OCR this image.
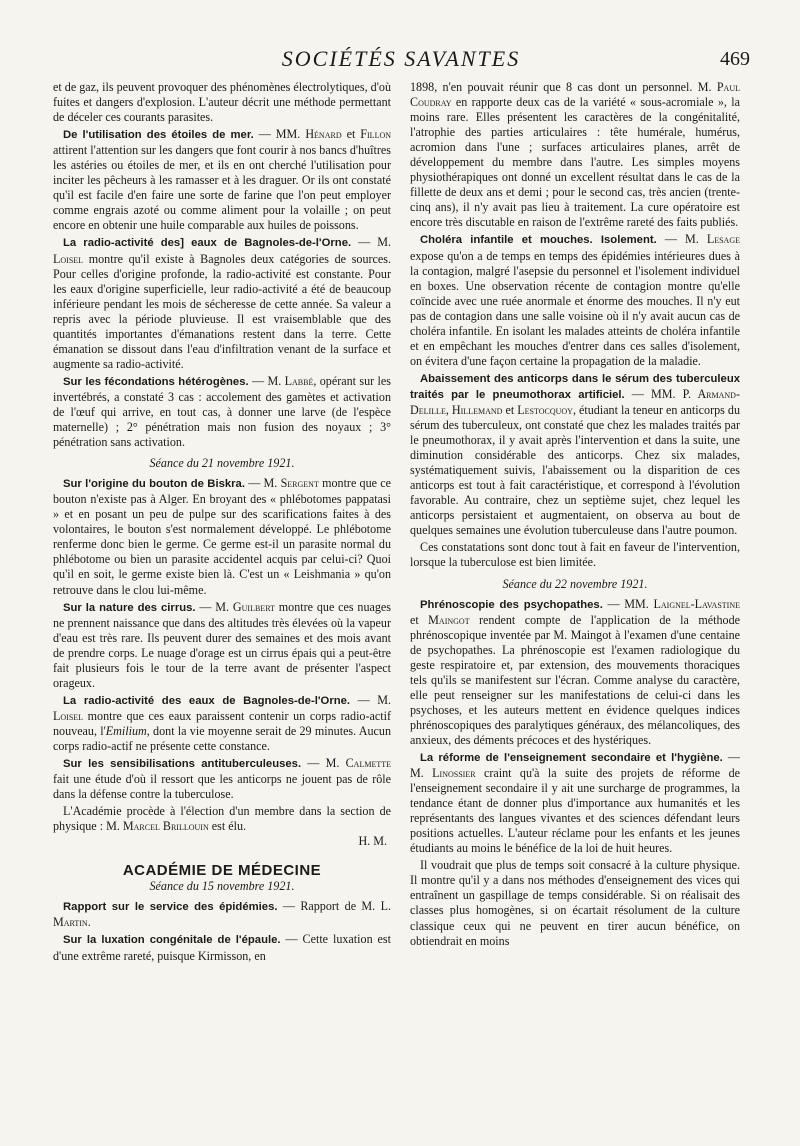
SOCIÉTÉS SAVANTES	469

et de gaz, ils peuvent provoquer des phénomènes électrolytiques, d'où fuites et dangers d'explosion. L'auteur décrit une méthode permettant de déceler ces courants parasites.

De l'utilisation des étoiles de mer. — MM. Hénard et Fillon attirent l'attention sur les dangers que font courir à nos bancs d'huîtres les astéries ou étoiles de mer, et ils en ont cherché l'utilisation pour inciter les pêcheurs à les ramasser et à les draguer. Or ils ont constaté qu'il est facile d'en faire une sorte de farine que l'on peut employer comme engrais azoté ou comme aliment pour la volaille ; on peut encore en obtenir une huile comparable aux huiles de poissons.

La radio-activité des] eaux de Bagnoles-de-l'Orne. — M. Loisel montre qu'il existe à Bagnoles deux catégories de sources. Pour celles d'origine profonde, la radio-activité est constante. Pour les eaux d'origine superficielle, leur radio-activité a été de beaucoup inférieure pendant les mois de sécheresse de cette année. Sa valeur a repris avec la période pluvieuse. Il est vraisemblable que des quantités importantes d'émanations restent dans la terre. Cette émanation se dissout dans l'eau d'infiltration venant de la surface et augmente sa radio-activité.

Sur les fécondations hétérogènes. — M. Labbé, opérant sur les invertébrés, a constaté 3 cas : accolement des gamètes et activation de l'œuf qui arrive, en tout cas, à donner une larve (de l'espèce maternelle) ; 2° pénétration mais non fusion des noyaux ; 3° pénétration sans activation.

Séance du 21 novembre 1921.

Sur l'origine du bouton de Biskra. — M. Sergent montre que ce bouton n'existe pas à Alger. En broyant des « phlébotomes pappatasi » et en posant un peu de pulpe sur des scarifications faites à des volontaires, le bouton s'est normalement développé. Le phlébotome renferme donc bien le germe. Ce germe est-il un parasite normal du phlébotome ou bien un parasite accidentel acquis par celui-ci? Quoi qu'il en soit, le germe existe bien là. C'est un « Leishmania » qu'on retrouve dans le clou lui-même.

Sur la nature des cirrus. — M. Guilbert montre que ces nuages ne prennent naissance que dans des altitudes très élevées où la vapeur d'eau est très rare. Ils peuvent durer des semaines et des mois avant de prendre corps. Le nuage d'orage est un cirrus épais qui a peut-être fait plusieurs fois le tour de la terre avant de présenter l'aspect orageux.

La radio-activité des eaux de Bagnoles-de-l'Orne. — M. Loisel montre que ces eaux paraissent contenir un corps radio-actif nouveau, l'Emilium, dont la vie moyenne serait de 29 minutes. Aucun corps radio-actif ne présente cette constance.

Sur les sensibilisations antituberculeuses. — M. Calmette fait une étude d'où il ressort que les anticorps ne jouent pas de rôle dans la défense contre la tuberculose.

L'Académie procède à l'élection d'un membre dans la section de physique : M. Marcel Brillouin est élu.

H. M.

ACADÉMIE DE MÉDECINE

Séance du 15 novembre 1921.

Rapport sur le service des épidémies. — Rapport de M. L. Martin.

Sur la luxation congénitale de l'épaule. — Cette luxation est d'une extrême rareté, puisque Kirmisson, en

1898, n'en pouvait réunir que 8 cas dont un personnel. M. Paul Coudray en rapporte deux cas de la variété « sous-acromiale », la moins rare. Elles présentent les caractères de la congénitalité, l'atrophie des parties articulaires : tête humérale, humérus, acromion dans l'une ; surfaces articulaires planes, arrêt de développement du membre dans l'autre. Les simples moyens physiothérapiques ont donné un excellent résultat dans le cas de la fillette de deux ans et demi ; pour le second cas, très ancien (trente-cinq ans), il n'y avait pas lieu à traitement. La cure opératoire est encore très discutable en raison de l'extrême rareté des faits publiés.

Choléra infantile et mouches. Isolement. — M. Lesage expose qu'on a de temps en temps des épidémies intérieures dues à la contagion, malgré l'asepsie du personnel et l'isolement individuel en boxes. Une observation récente de contagion montre qu'elle coïncide avec une ruée anormale et énorme des mouches. Il n'y eut pas de contagion dans une salle voisine où il n'y avait aucun cas de choléra infantile. En isolant les malades atteints de choléra infantile et en empêchant les mouches d'entrer dans ces salles d'isolement, on évitera d'une façon certaine la propagation de la maladie.

Abaissement des anticorps dans le sérum des tuberculeux traités par le pneumothorax artificiel. — MM. P. Armand-Delille, Hillemand et Lestocquoy, étudiant la teneur en anticorps du sérum des tuberculeux, ont constaté que chez les malades traités par le pneumothorax, il y avait après l'intervention et dans la suite, une diminution considérable des anticorps. Chez six malades, systématiquement suivis, l'abaissement ou la disparition de ces anticorps est tout à fait caractéristique, et correspond à l'évolution favorable. Au contraire, chez un septième sujet, chez lequel les anticorps persistaient et augmentaient, on observa au bout de quelques semaines une évolution tuberculeuse dans l'autre poumon.

Ces constatations sont donc tout à fait en faveur de l'intervention, lorsque la tuberculose est bien limitée.

Séance du 22 novembre 1921.

Phrénoscopie des psychopathes. — MM. Laignel-Lavastine et Maingot rendent compte de l'application de la méthode phrénoscopique inventée par M. Maingot à l'examen d'une centaine de psychopathes. La phrénoscopie est l'examen radiologique du geste respiratoire et, par extension, des mouvements thoraciques tels qu'ils se manifestent sur l'écran. Comme analyse du caractère, elle peut renseigner sur les manifestations de celui-ci dans les psychoses, et les auteurs mettent en évidence quelques indices phrénoscopiques des paralytiques généraux, des mélancoliques, des anxieux, des déments précoces et des hystériques.

La réforme de l'enseignement secondaire et l'hygiène. — M. Linossier craint qu'à la suite des projets de réforme de l'enseignement secondaire il y ait une surcharge de programmes, la tendance étant de donner plus d'importance aux humanités et les représentants des langues vivantes et des sciences défendant leurs positions actuelles. L'auteur réclame pour les enfants et les jeunes étudiants au moins le bénéfice de la loi de huit heures.

Il voudrait que plus de temps soit consacré à la culture physique. Il montre qu'il y a dans nos méthodes d'enseignement des vices qui entraînent un gaspillage de temps considérable. Si on réalisait des classes plus homogènes, si on écartait résolument de la culture classique ceux qui ne peuvent en tirer aucun bénéfice, on obtiendrait en moins
